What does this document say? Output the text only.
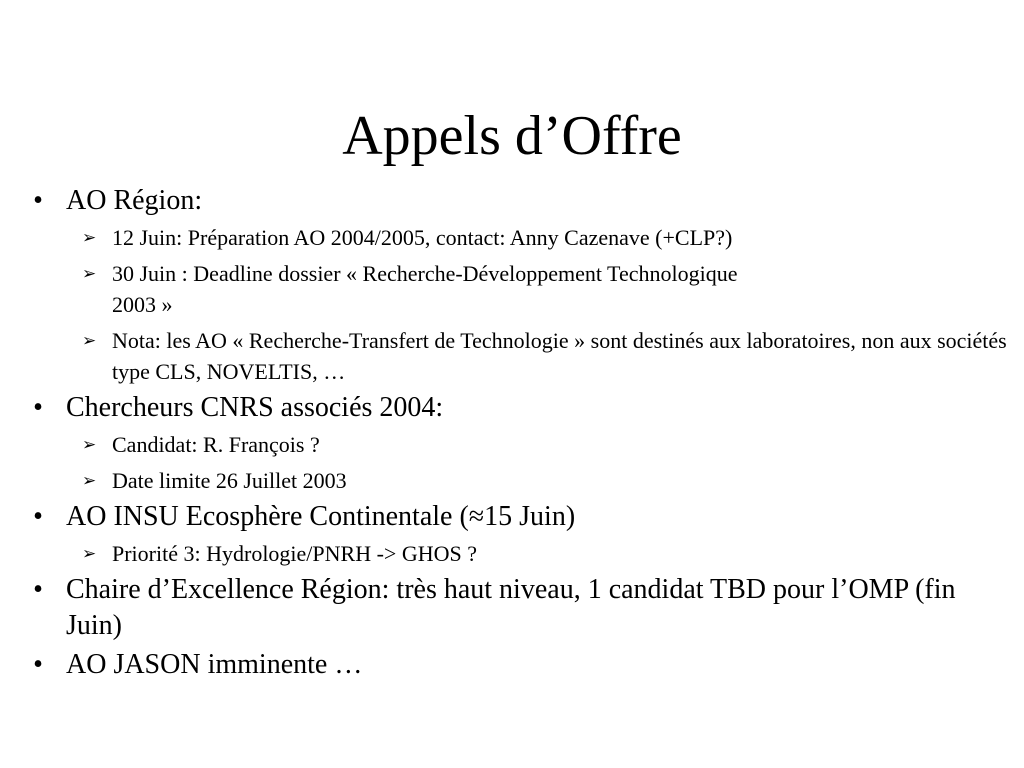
Appels d’Offre
• AO Région:
➢ 12 Juin: Préparation AO 2004/2005, contact: Anny Cazenave (+CLP?)
➢ 30 Juin : Deadline dossier « Recherche-Développement Technologique 2003 »
➢ Nota: les AO « Recherche-Transfert de Technologie » sont destinés aux laboratoires, non aux sociétés type CLS, NOVELTIS, …
• Chercheurs CNRS associés 2004:
➢ Candidat: R. François ?
➢ Date limite 26 Juillet 2003
• AO INSU Ecosphère Continentale (≈15 Juin)
➢ Priorité 3: Hydrologie/PNRH -> GHOS ?
• Chaire d’Excellence Région: très haut niveau, 1 candidat TBD pour l’OMP (fin Juin)
• AO JASON imminente …
